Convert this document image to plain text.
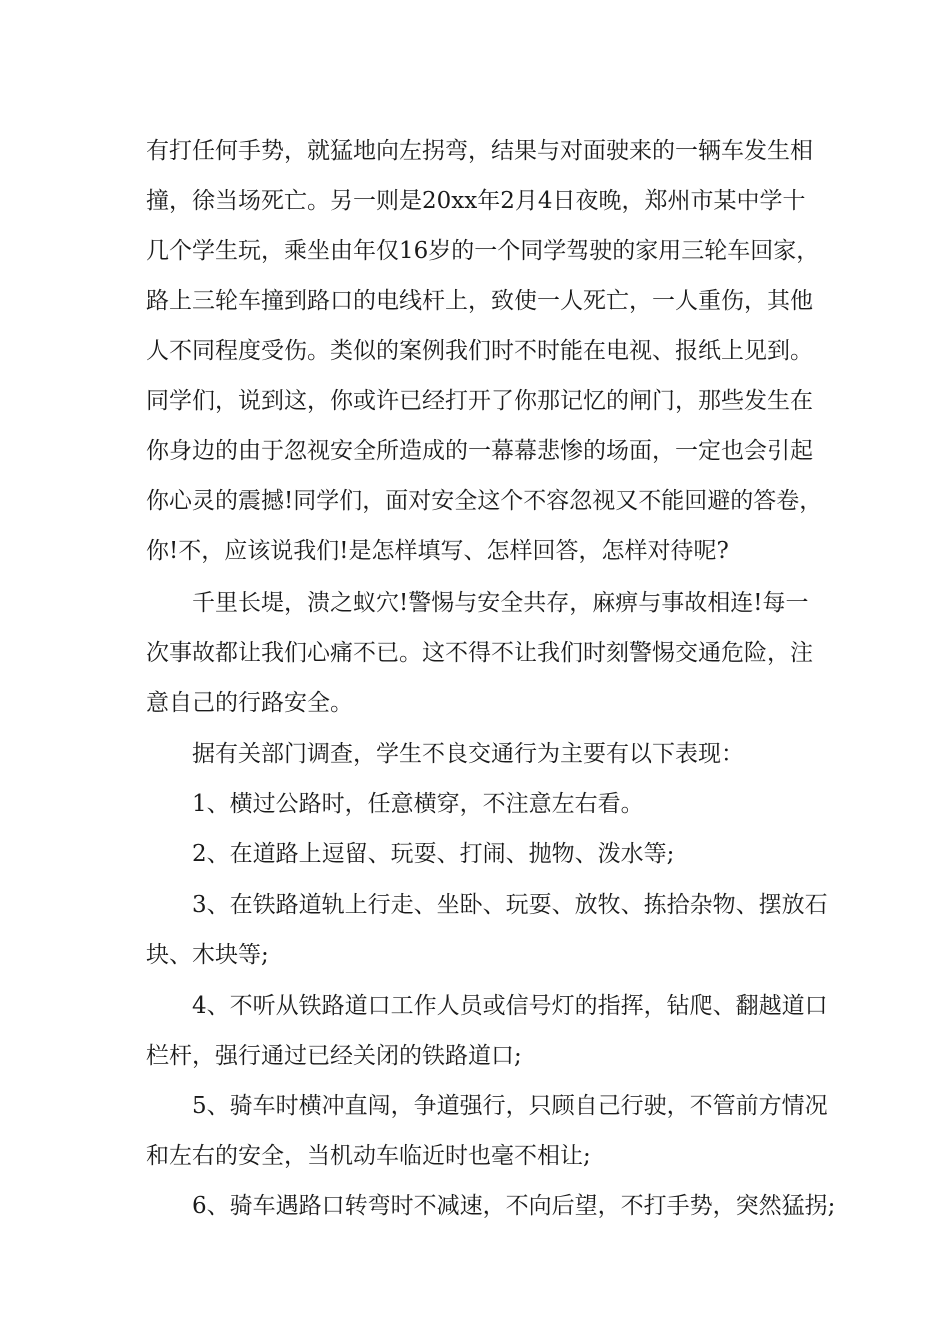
有打任何手势，就猛地向左拐弯，结果与对面驶来的一辆车发生相
撞，徐当场死亡。另一则是20xx年2月4日夜晚，郑州市某中学十
几个学生玩，乘坐由年仅16岁的一个同学驾驶的家用三轮车回家，
路上三轮车撞到路口的电线杆上，致使一人死亡，一人重伤，其他
人不同程度受伤。类似的案例我们时不时能在电视、报纸上见到。
同学们，说到这，你或许已经打开了你那记忆的闸门，那些发生在
你身边的由于忽视安全所造成的一幕幕悲惨的场面，一定也会引起
你心灵的震撼!同学们，面对安全这个不容忽视又不能回避的答卷，
你!不，应该说我们!是怎样填写、怎样回答，怎样对待呢?
千里长堤，溃之蚁穴!警惕与安全共存，麻痹与事故相连!每一
次事故都让我们心痛不已。这不得不让我们时刻警惕交通危险，注
意自己的行路安全。
据有关部门调查，学生不良交通行为主要有以下表现：
1、横过公路时，任意横穿，不注意左右看。
2、在道路上逗留、玩耍、打闹、抛物、泼水等;
3、在铁路道轨上行走、坐卧、玩耍、放牧、拣拾杂物、摆放石
块、木块等;
4、不听从铁路道口工作人员或信号灯的指挥，钻爬、翻越道口
栏杆，强行通过已经关闭的铁路道口;
5、骑车时横冲直闯，争道强行，只顾自己行驶，不管前方情况
和左右的安全，当机动车临近时也毫不相让;
6、骑车遇路口转弯时不减速，不向后望，不打手势，突然猛拐;
